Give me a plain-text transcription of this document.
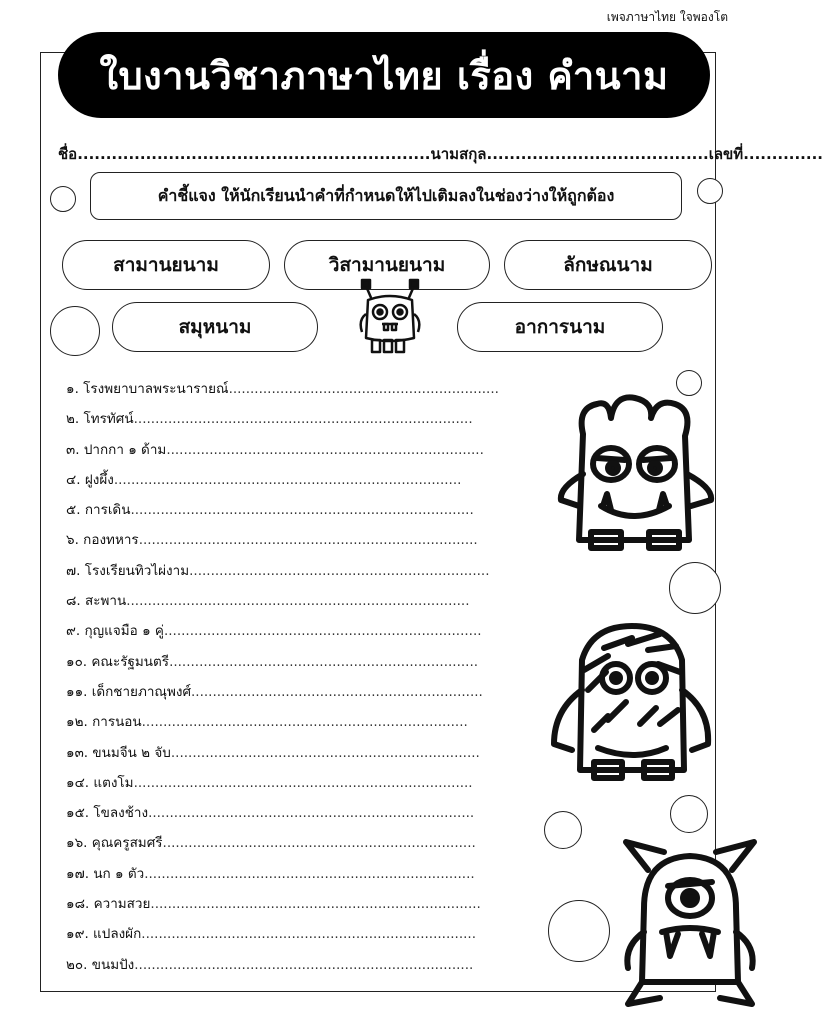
เพจภาษาไทย ใจพองโต
ใบงานวิชาภาษาไทย เรื่อง คำนาม
ชื่อ..............................................................นามสกุล.......................................เลขที่..............
คำชี้แจง ให้นักเรียนนำคำที่กำหนดให้ไปเติมลงในช่องว่างให้ถูกต้อง
สามานยนาม	วิสามานยนาม	ลักษณนาม
สมุหนาม	อาการนาม
๑. โรงพยาบาลพระนารายณ์...............................................................
๒. โทรทัศน์...............................................................................
๓. ปากกา ๑ ด้าม..........................................................................
๔. ฝูงผึ้ง.................................................................................
๕. การเดิน................................................................................
๖. กองทหาร...............................................................................
๗. โรงเรียนทิวไผ่งาม......................................................................
๘. สะพาน................................................................................
๙. กุญแจมือ ๑ คู่..........................................................................
๑๐. คณะรัฐมนตรี........................................................................
๑๑. เด็กชายภาณุพงศ์....................................................................
๑๒. การนอน............................................................................
๑๓. ขนมจีน ๒ จับ........................................................................
๑๔. แตงโม...............................................................................
๑๕. โขลงช้าง............................................................................
๑๖. คุณครูสมศรี.........................................................................
๑๗. นก ๑ ตัว.............................................................................
๑๘. ความสวย.............................................................................
๑๙. แปลงผัก..............................................................................
๒๐. ขนมปัง...............................................................................
